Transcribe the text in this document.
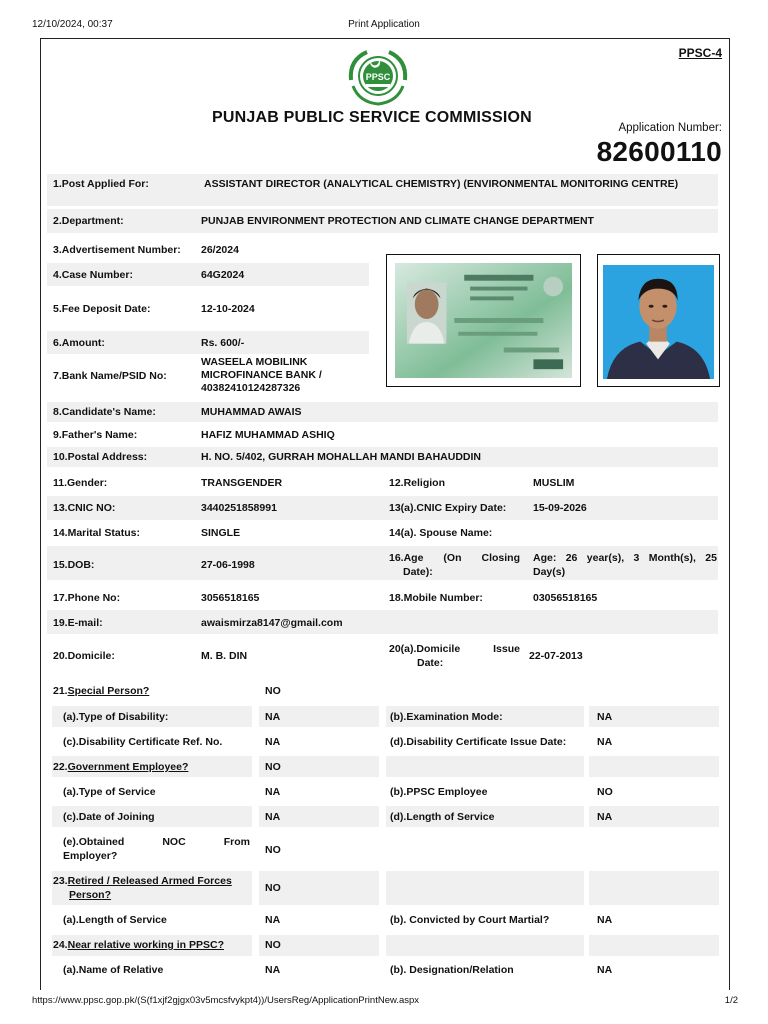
12/10/2024, 00:37	Print Application
https://www.ppsc.gop.pk/(S(f1xjf2gjgx03v5mcsfvykpt4))/UsersReg/ApplicationPrintNew.aspx	1/2
PPSC-4
PPSC
PUNJAB PUBLIC SERVICE COMMISSION
Application Number:
82600110
1.Post Applied For:	ASSISTANT DIRECTOR (ANALYTICAL CHEMISTRY) (ENVIRONMENTAL MONITORING CENTRE)
2.Department:	PUNJAB ENVIRONMENT PROTECTION AND CLIMATE CHANGE DEPARTMENT
3.Advertisement Number: 26/2024
4.Case Number:	64G2024
5.Fee Deposit Date:	12-10-2024
6.Amount:	Rs. 600/-
7.Bank Name/PSID No:
WASEELA MOBILINK MICROFINANCE BANK / 40382410124287326
8.Candidate's Name:	MUHAMMAD AWAIS
9.Father's Name:	HAFIZ MUHAMMAD ASHIQ
10.Postal Address:	H. NO. 5/402, GURRAH MOHALLAH MANDI BAHAUDDIN
11.Gender:	TRANSGENDER	12.Religion	MUSLIM
13.CNIC NO:	3440251858991	13(a).CNIC Expiry Date:	15-09-2026
14.Marital Status:	SINGLE	14(a). Spouse Name:
15.DOB:	27-06-1998
16.Age (On Closing
Date):
Age: 26 year(s), 3 Month(s), 25
Day(s)
17.Phone No:	3056518165	18.Mobile Number:	03056518165
19.E-mail:	awaismirza8147@gmail.com
20.Domicile:	M. B. DIN
20(a).Domicile Issue
Date:
22-07-2013
21.Special Person?	NO
(a).Type of Disability:	NA	(b).Examination Mode:	NA
(c).Disability Certificate Ref. No.	NA	(d).Disability Certificate Issue Date:	NA
22.Government Employee?	NO
(a).Type of Service	NA	(b).PPSC Employee	NO
(c).Date of Joining	NA	(d).Length of Service	NA
(e).Obtained NOC From
Employer?	NO
23.Retired / Released Armed Forces
Person?
NO
(a).Length of Service	NA	(b). Convicted by Court Martial?	NA
24.Near relative working in PPSC?	NO
(a).Name of Relative	NA	(b). Designation/Relation	NA
